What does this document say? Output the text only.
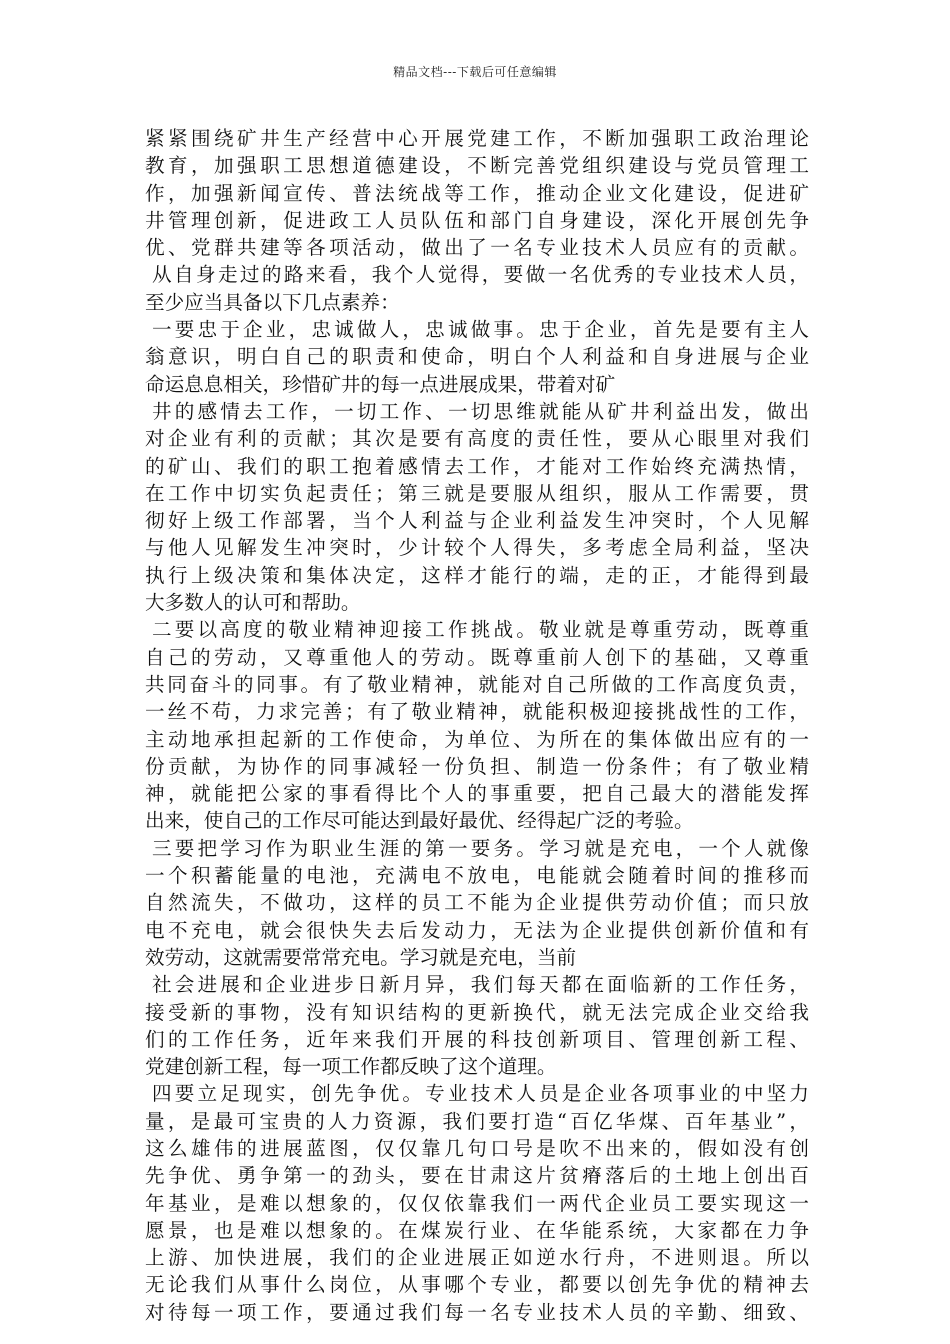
精品文档---下载后可任意编辑
紧紧围绕矿井生产经营中心开展党建工作，不断加强职工政治理论
教育，加强职工思想道德建设，不断完善党组织建设与党员管理工
作，加强新闻宣传、普法统战等工作，推动企业文化建设，促进矿
井管理创新，促进政工人员队伍和部门自身建设，深化开展创先争
优、党群共建等各项活动，做出了一名专业技术人员应有的贡献。
从自身走过的路来看，我个人觉得，要做一名优秀的专业技术人员，
至少应当具备以下几点素养：
一要忠于企业，忠诚做人，忠诚做事。忠于企业，首先是要有主人
翁意识，明白自己的职责和使命，明白个人利益和自身进展与企业
命运息息相关，珍惜矿井的每一点进展成果，带着对矿
井的感情去工作，一切工作、一切思维就能从矿井利益出发，做出
对企业有利的贡献；其次是要有高度的责任性，要从心眼里对我们
的矿山、我们的职工抱着感情去工作，才能对工作始终充满热情，
在工作中切实负起责任；第三就是要服从组织，服从工作需要，贯
彻好上级工作部署，当个人利益与企业利益发生冲突时，个人见解
与他人见解发生冲突时，少计较个人得失，多考虑全局利益，坚决
执行上级决策和集体决定，这样才能行的端，走的正，才能得到最
大多数人的认可和帮助。
二要以高度的敬业精神迎接工作挑战。敬业就是尊重劳动，既尊重
自己的劳动，又尊重他人的劳动。既尊重前人创下的基础，又尊重
共同奋斗的同事。有了敬业精神，就能对自己所做的工作高度负责，
一丝不苟，力求完善；有了敬业精神，就能积极迎接挑战性的工作，
主动地承担起新的工作使命，为单位、为所在的集体做出应有的一
份贡献，为协作的同事减轻一份负担、制造一份条件；有了敬业精
神，就能把公家的事看得比个人的事重要，把自己最大的潜能发挥
出来，使自己的工作尽可能达到最好最优、经得起广泛的考验。
三要把学习作为职业生涯的第一要务。学习就是充电，一个人就像
一个积蓄能量的电池，充满电不放电，电能就会随着时间的推移而
自然流失，不做功，这样的员工不能为企业提供劳动价值；而只放
电不充电，就会很快失去后发动力，无法为企业提供创新价值和有
效劳动，这就需要常常充电。学习就是充电，当前
社会进展和企业进步日新月异，我们每天都在面临新的工作任务，
接受新的事物，没有知识结构的更新换代，就无法完成企业交给我
们的工作任务，近年来我们开展的科技创新项目、管理创新工程、
党建创新工程，每一项工作都反映了这个道理。
四要立足现实，创先争优。专业技术人员是企业各项事业的中坚力
量，是最可宝贵的人力资源，我们要打造“百亿华煤、百年基业”，
这么雄伟的进展蓝图，仅仅靠几句口号是吹不出来的，假如没有创
先争优、勇争第一的劲头，要在甘肃这片贫瘠落后的土地上创出百
年基业，是难以想象的，仅仅依靠我们一两代企业员工要实现这一
愿景，也是难以想象的。在煤炭行业、在华能系统，大家都在力争
上游、加快进展，我们的企业进展正如逆水行舟，不进则退。所以
无论我们从事什么岗位，从事哪个专业，都要以创先争优的精神去
对待每一项工作，要通过我们每一名专业技术人员的辛勤、细致、
